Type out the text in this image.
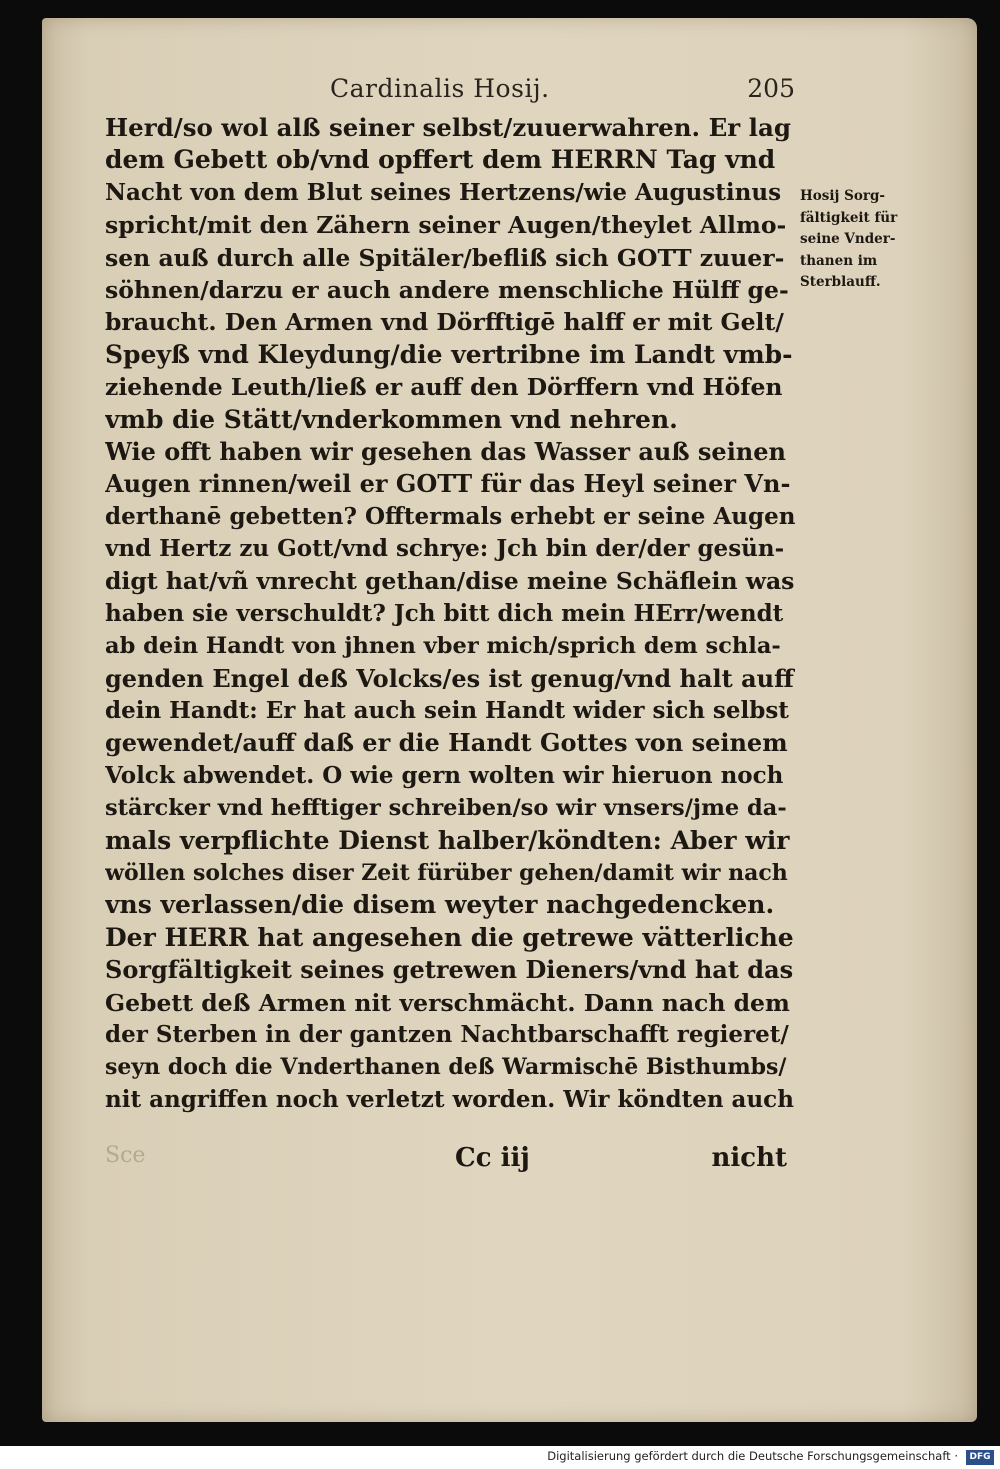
Cardinalis Hosij.	205
Herd/so wol alß seiner selbst/zuuerwahren. Er lag
dem Gebett ob/vnd opffert dem HERRN Tag vnd
Nacht von dem Blut seines Hertzens/wie Augustinus
spricht/mit den Zähern seiner Augen/theylet Allmo-
sen auß durch alle Spitäler/befliß sich GOTT zuuer-
söhnen/darzu er auch andere menschliche Hülff ge-
braucht. Den Armen vnd Dörfftigē halff er mit Gelt/
Speyß vnd Kleydung/die vertribne im Landt vmb-
ziehende Leuth/ließ er auff den Dörffern vnd Höfen
vmb die Stätt/vnderkommen vnd nehren.
Wie offt haben wir gesehen das Wasser auß seinen
Augen rinnen/weil er GOTT für das Heyl seiner Vn-
derthanē gebetten? Offtermals erhebt er seine Augen
vnd Hertz zu Gott/vnd schrye: Jch bin der/der gesün-
digt hat/vñ vnrecht gethan/dise meine Schäflein was
haben sie verschuldt? Jch bitt dich mein HErr/wendt
ab dein Handt von jhnen vber mich/sprich dem schla-
genden Engel deß Volcks/es ist genug/vnd halt auff
dein Handt: Er hat auch sein Handt wider sich selbst
gewendet/auff daß er die Handt Gottes von seinem
Volck abwendet. O wie gern wolten wir hieruon noch
stärcker vnd hefftiger schreiben/so wir vnsers/jme da-
mals verpflichte Dienst halber/köndten: Aber wir
wöllen solches diser Zeit fürüber gehen/damit wir nach
vns verlassen/die disem weyter nachgedencken.
Der HERR hat angesehen die getrewe vätterliche
Sorgfältigkeit seines getrewen Dieners/vnd hat das
Gebett deß Armen nit verschmächt. Dann nach dem
der Sterben in der gantzen Nachtbarschafft regieret/
seyn doch die Vnderthanen deß Warmischē Bisthumbs/
nit angriffen noch verletzt worden. Wir köndten auch
Hosij Sorg-
fältigkeit für
seine Vnder-
thanen im
Sterblauff.
Sce	Cc iij	nicht
Digitalisierung gefördert durch die Deutsche Forschungsgemeinschaft ·	DFG
